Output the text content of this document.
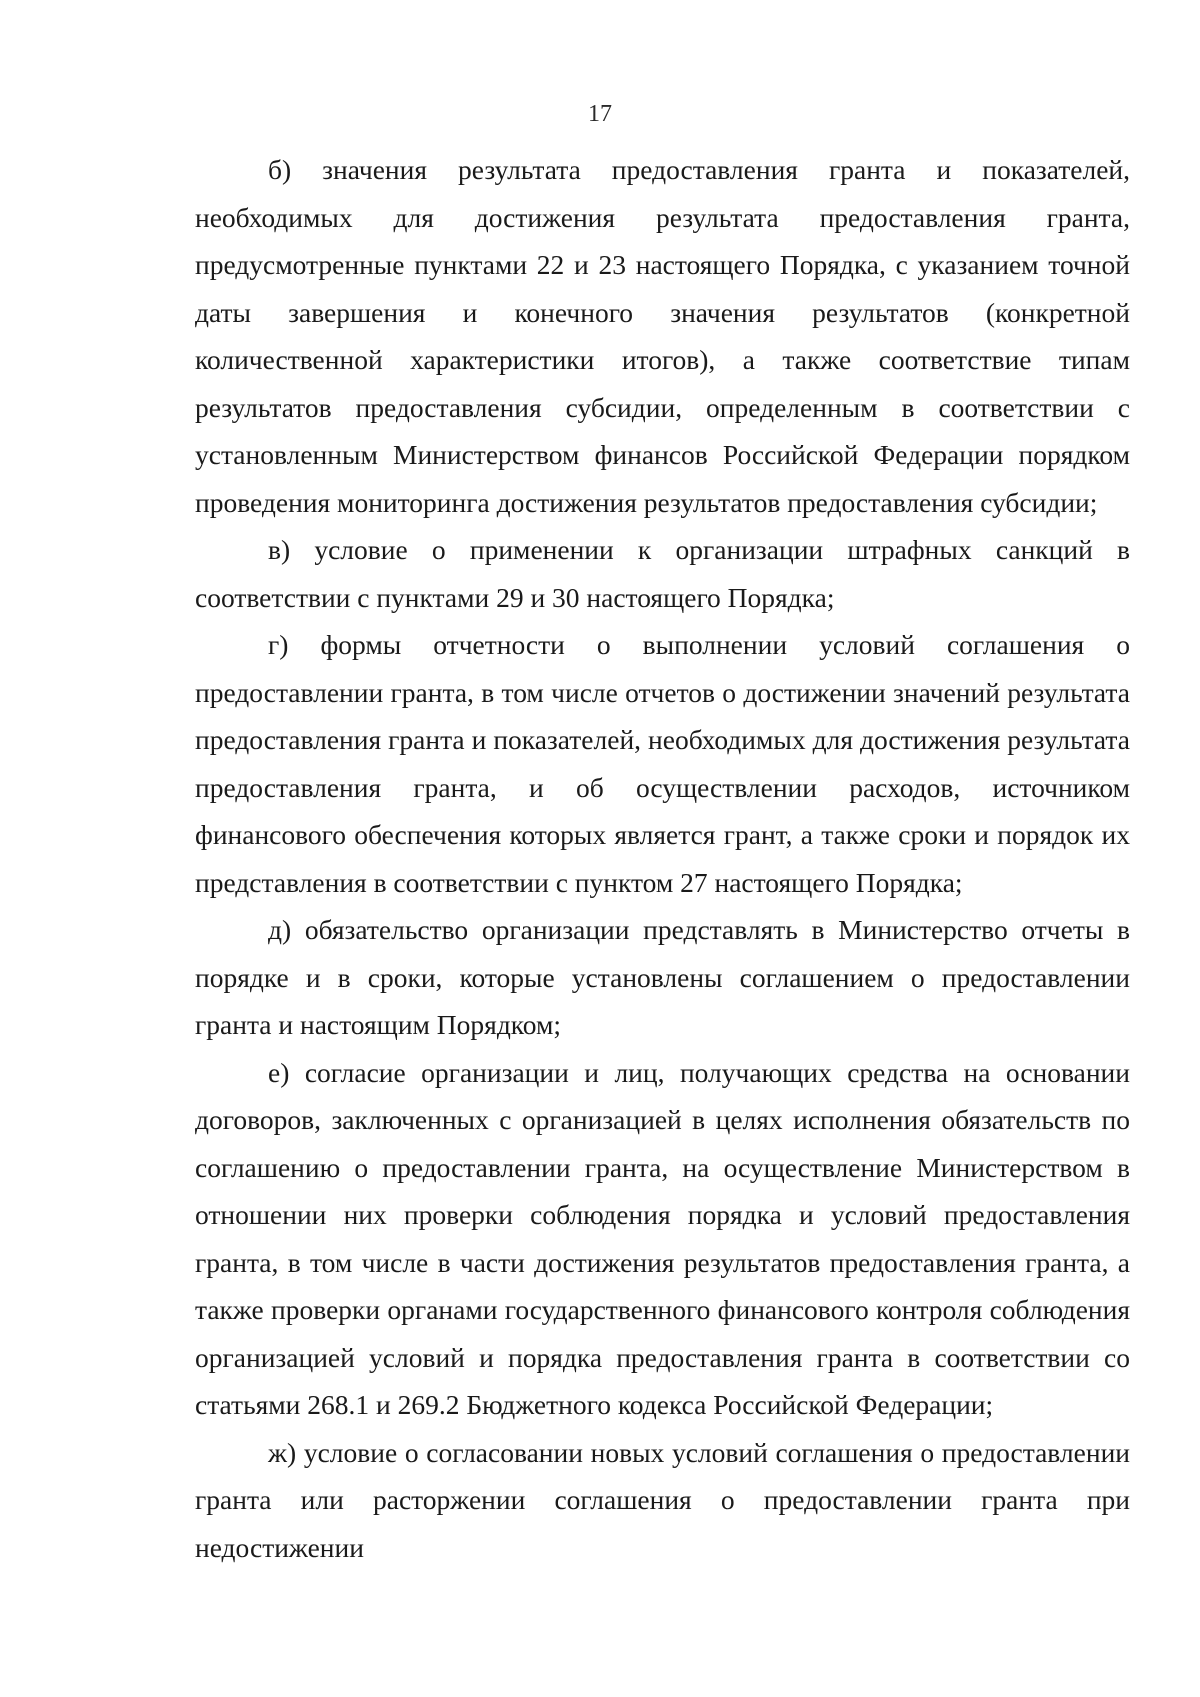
17

б) значения результата предоставления гранта и показателей, необходимых для достижения результата предоставления гранта, предусмотренные пунктами 22 и 23 настоящего Порядка, с указанием точной даты завершения и конечного значения результатов (конкретной количественной характеристики итогов), а также соответствие типам результатов предоставления субсидии, определенным в соответствии с установленным Министерством финансов Российской Федерации порядком проведения мониторинга достижения результатов предоставления субсидии;

в) условие о применении к организации штрафных санкций в соответствии с пунктами 29 и 30 настоящего Порядка;

г) формы отчетности о выполнении условий соглашения о предоставлении гранта, в том числе отчетов о достижении значений результата предоставления гранта и показателей, необходимых для достижения результата предоставления гранта, и об осуществлении расходов, источником финансового обеспечения которых является грант, а также сроки и порядок их представления в соответствии с пунктом 27 настоящего Порядка;

д) обязательство организации представлять в Министерство отчеты в порядке и в сроки, которые установлены соглашением о предоставлении гранта и настоящим Порядком;

е) согласие организации и лиц, получающих средства на основании договоров, заключенных с организацией в целях исполнения обязательств по соглашению о предоставлении гранта, на осуществление Министерством в отношении них проверки соблюдения порядка и условий предоставления гранта, в том числе в части достижения результатов предоставления гранта, а также проверки органами государственного финансового контроля соблюдения организацией условий и порядка предоставления гранта в соответствии со статьями 268.1 и 269.2 Бюджетного кодекса Российской Федерации;

ж) условие о согласовании новых условий соглашения о предоставлении гранта или расторжении соглашения о предоставлении гранта при недостижении
